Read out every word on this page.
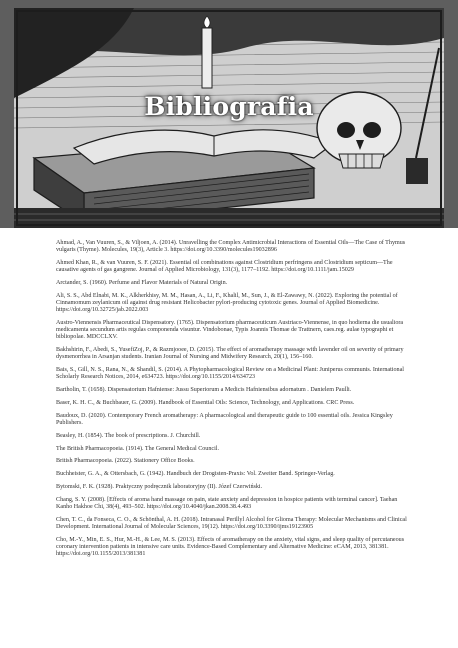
Bibliografia

Ahmad, A., Van Vuuren, S., & Viljoen, A. (2014). Unravelling the Complex Antimicrobial Interactions of Essential Oils—The Case of Thymus vulgaris (Thyme). Molecules, 19(3), Article 3. https://doi.org/10.3390/molecules19032896

Ahmed Khan, R., & van Vuuren, S. F. (2021). Essential oil combinations against Clostridium perfringens and Clostridium septicum—The causative agents of gas gangrene. Journal of Applied Microbiology, 131(3), 1177–1192. https://doi.org/10.1111/jam.15029

Arctander, S. (1960). Perfume and Flavor Materials of Natural Origin.

Ali, S. S., Abd Elnabi, M. K., Alkherkhisy, M. M., Hasan, A., Li, F., Khalil, M., Sun, J., & El-Zawawy, N. (2022). Exploring the potential of Cinnamomum zeylanicum oil against drug resistant Helicobacter pylori-producing cytotoxic genes. Journal of Applied Biomedicine. https://doi.org/10.32725/jab.2022.003

Austro-Viennensis Pharmaceutical Dispensatory. (1765). Dispensatorium pharmaceuticum Austriaco-Viennense, in quo hodierna die usualiora medicamenta secundum artis regulas componenda visuntur. Vindobonae, Typis Joannis Thomae de Trattnern, caes.reg. aulae typographi et bibliopolae. MDCCLXV.

Bakhshirin, F., Abedi, S., YusefiZoj, P., & Razmjooee, D. (2015). The effect of aromatherapy massage with lavender oil on severity of primary dysmenorrhea in Arsanjan students. Iranian Journal of Nursing and Midwifery Research, 20(1), 156–160.

Bais, S., Gill, N. S., Rana, N., & Shandil, S. (2014). A Phytopharmacological Review on a Medicinal Plant: Juniperus communis. International Scholarly Research Notices, 2014, e634723. https://doi.org/10.1155/2014/634723

Bartholin, T. (1658). Dispensatorium Hafniense: Jussu Superiorum a Medicis Hafniensibus adornatum . Danielem Paulli.

Baser, K. H. C., & Buchbauer, G. (2009). Handbook of Essential Oils: Science, Technology, and Applications. CRC Press.

Baudoux, D. (2020). Contemporary French aromatherapy: A pharmacological and therapeutic guide to 100 essential oils. Jessica Kingsley Publishers.

Beasley, H. (1854). The book of prescriptions. J. Churchill.

The British Pharmacopoeia. (1914). The General Medical Council.

British Pharmacopoeia. (2022). Stationery Office Books.

Buchheister, G. A., & Ottersbach, G. (1942). Handbuch der Drogisten-Praxis: Vol. Zweiter Band. Springer-Verlag.

Bytomski, F. K. (1928). Praktyczny podręcznik laboratoryjny (II). Józef Czerwiński.

Chang, S. Y. (2008). [Effects of aroma hand massage on pain, state anxiety and depression in hospice patients with terminal cancer]. Taehan Kanho Hakhoe Chi, 38(4), 493–502. https://doi.org/10.4040/jkan.2008.38.4.493

Chen, T. C., da Fonseca, C. O., & Schönthal, A. H. (2018). Intranasal Perillyl Alcohol for Glioma Therapy: Molecular Mechanisms and Clinical Development. International Journal of Molecular Sciences, 19(12). https://doi.org/10.3390/ijms19123905

Cho, M.-Y., Min, E. S., Hur, M.-H., & Lee, M. S. (2013). Effects of aromatherapy on the anxiety, vital signs, and sleep quality of percutaneous coronary intervention patients in intensive care units. Evidence-Based Complementary and Alternative Medicine: eCAM, 2013, 381381. https://doi.org/10.1155/2013/381381
